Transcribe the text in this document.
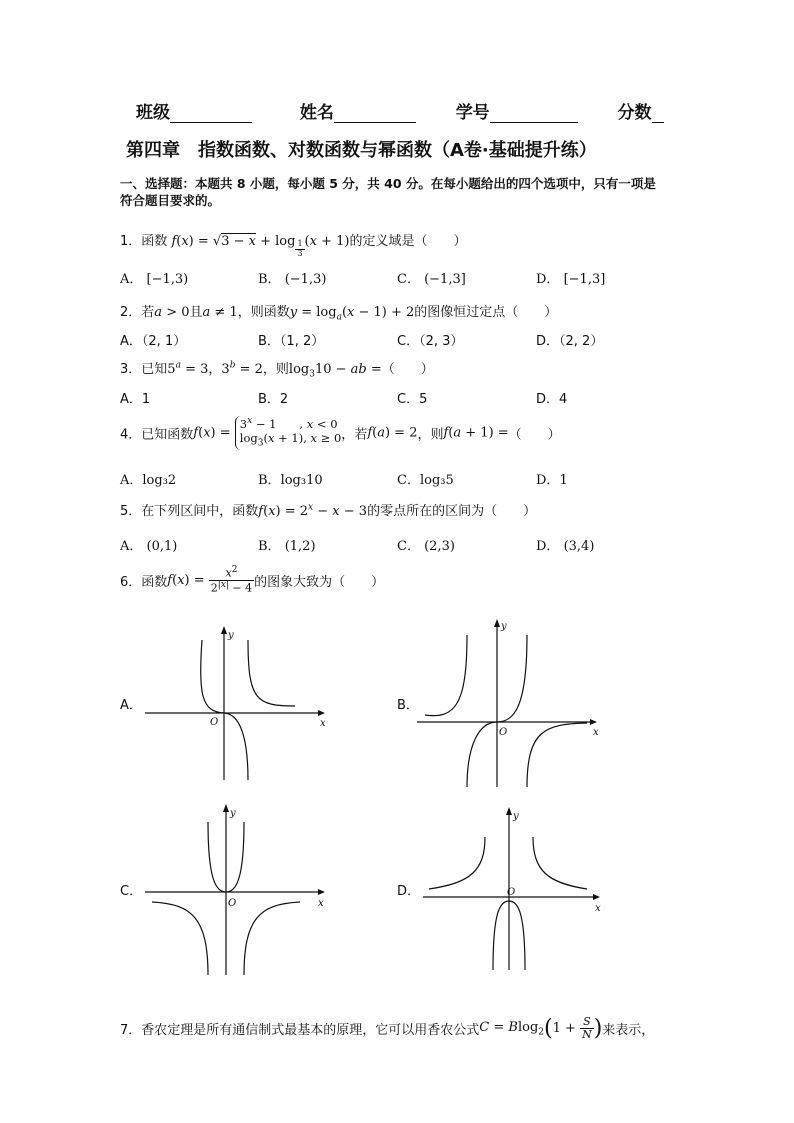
班级	姓名	学号	分数
第四章　指数函数、对数函数与幂函数（A卷·基础提升练）
一、选择题：本题共 8 小题，每小题 5 分，共 40 分。在每小题给出的四个选项中，只有一项是
符合题目要求的。
1．函数 f(x) = √3 − x + log $_{\frac{1}{3}}$ (x + 1)的定义域是（　　）
A． [−1,3)	B． (−1,3)	C． (−1,3]	D． [−1,3]
2．若a > 0且a ≠ 1，则函数$y = \log_a(x - 1) + 2$的图像恒过定点（　　）
A．（2, 1）	B．（1, 2）	C．（2, 3）	D．（2, 2）
3．已知$5^a = 3$，$3^b = 2$，则$\log_310$ − ab =（　　）
A．1	B．2	C．5	D．4
4．已知函数$f(x) = 3^x - 1$　　, x < 0
$\log_3(x + 1)$, x ≥ 0，若f(a) = 2，则f(a + 1) =（　　）
A．log₃2	B．log₃10	C．log₃5	D．1
5．在下列区间中，函数$f(x) = 2^x - x - 3$的零点所在的区间为（　　）
A． (0,1)	B． (1,2)	C． (2,3)	D． (3,4)
6．函数$f(x) = \frac{x^2}{2^{|x|} - 4}$ 的图象大致为（　　）
A．
y
x
O
B．
y
x
O
C．
y
x
O
D．
y
x
O
7．香农定理是所有通信制式最基本的原理，它可以用香农公式$C = Blog_2(1 + \frac{S}{N}$ )来表示，
